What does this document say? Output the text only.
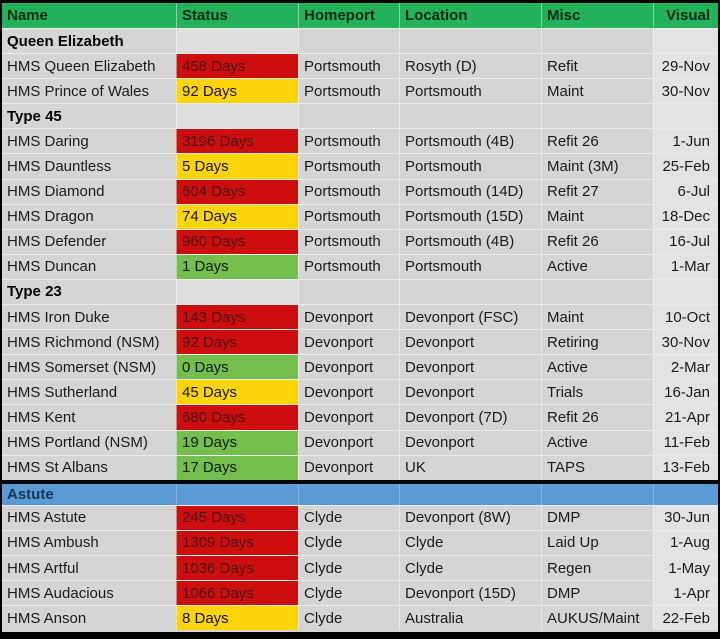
Name	Status	Homeport	Location	Misc	Visual
Queen Elizabeth
HMS Queen Elizabeth	458 Days	Portsmouth	Rosyth (D)	Refit	29-Nov
HMS Prince of Wales	92 Days	Portsmouth	Portsmouth	Maint	30-Nov
Type 45
HMS Daring	3196 Days	Portsmouth	Portsmouth (4B)	Refit 26	1-Jun
HMS Dauntless	5 Days	Portsmouth	Portsmouth	Maint (3M)	25-Feb
HMS Diamond	604 Days	Portsmouth	Portsmouth (14D)	Refit 27	6-Jul
HMS Dragon	74 Days	Portsmouth	Portsmouth (15D)	Maint	18-Dec
HMS Defender	960 Days	Portsmouth	Portsmouth (4B)	Refit 26	16-Jul
HMS Duncan	1 Days	Portsmouth	Portsmouth	Active	1-Mar
Type 23
HMS Iron Duke	143 Days	Devonport	Devonport (FSC)	Maint	10-Oct
HMS Richmond (NSM)	92 Days	Devonport	Devonport	Retiring	30-Nov
HMS Somerset (NSM)	0 Days	Devonport	Devonport	Active	2-Mar
HMS Sutherland	45 Days	Devonport	Devonport	Trials	16-Jan
HMS Kent	680 Days	Devonport	Devonport (7D)	Refit 26	21-Apr
HMS Portland (NSM)	19 Days	Devonport	Devonport	Active	11-Feb
HMS St Albans	17 Days	Devonport	UK	TAPS	13-Feb
Astute
HMS Astute	245 Days	Clyde	Devonport (8W)	DMP	30-Jun
HMS Ambush	1309 Days	Clyde	Clyde	Laid Up	1-Aug
HMS Artful	1036 Days	Clyde	Clyde	Regen	1-May
HMS Audacious	1066 Days	Clyde	Devonport (15D)	DMP	1-Apr
HMS Anson	8 Days	Clyde	Australia	AUKUS/Maint	22-Feb
